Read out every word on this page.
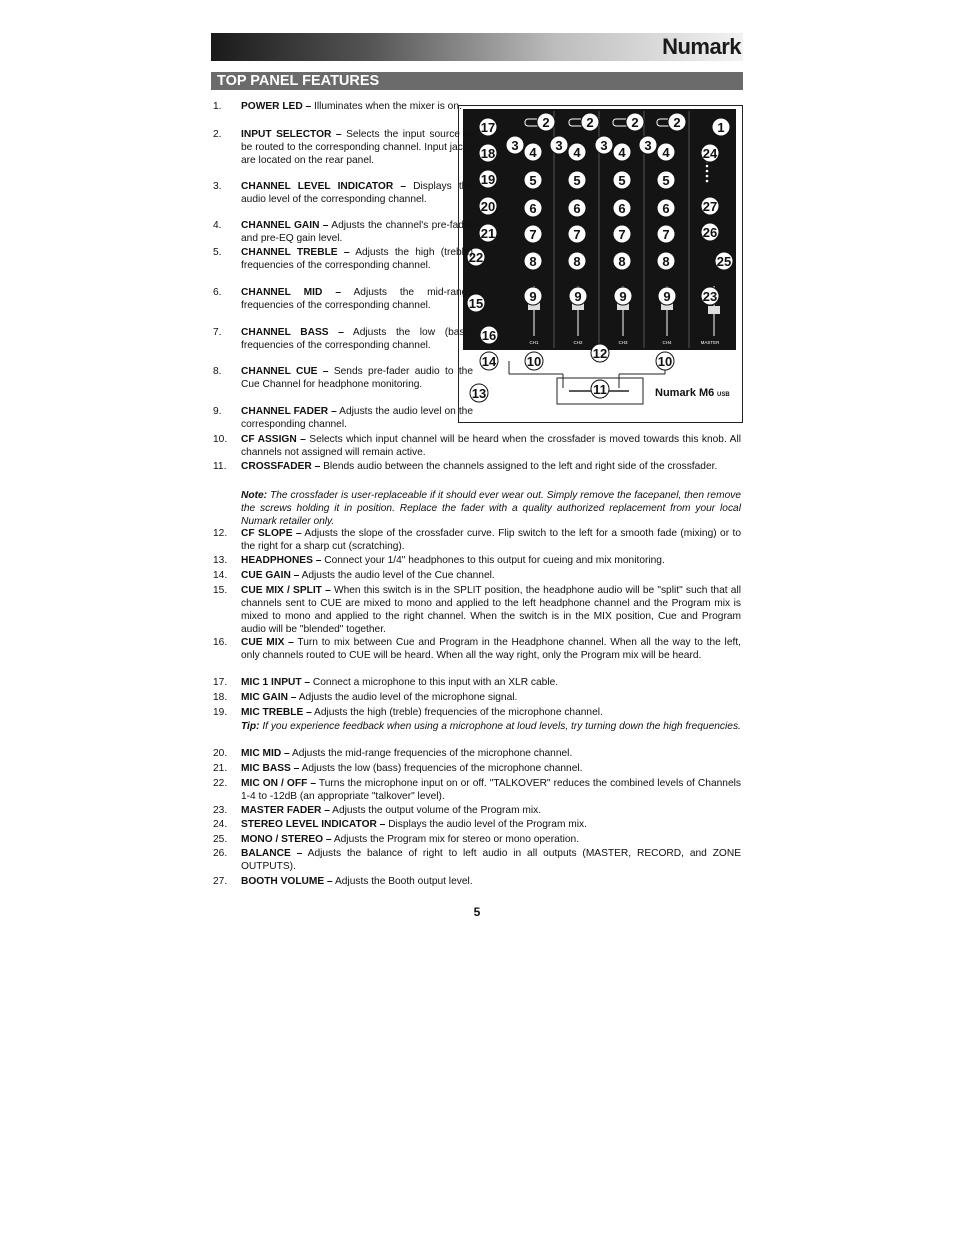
Numark
TOP PANEL FEATURES
Numark M6 USB
CH1	CH2	CH3	CH4	MASTER
1
2
3 4
5
6
7
8
9
10
11
12
13
14
15
16
17
18
19
20
21
22
23
24
25
26
27
2	2	2
3	3	3
4	4	4
5	5	5
6	6	6
7	7	7
8	8	8
9	9	9
10
1.	POWER LED – Illuminates when the mixer is on.
2.	INPUT SELECTOR – Selects the input source to be routed to the corresponding channel. Input jacks are located on the rear panel.
3.	CHANNEL LEVEL INDICATOR – Displays the audio level of the corresponding channel.
4.	CHANNEL GAIN – Adjusts the channel's pre-fader and pre-EQ gain level.
5.	CHANNEL TREBLE – Adjusts the high (treble) frequencies of the corresponding channel.
6.	CHANNEL MID – Adjusts the mid-range frequencies of the corresponding channel.
7.	CHANNEL BASS – Adjusts the low (bass) frequencies of the corresponding channel.
8.	CHANNEL CUE – Sends pre-fader audio to the Cue Channel for headphone monitoring.
9.	CHANNEL FADER – Adjusts the audio level on the corresponding channel.
10.	CF ASSIGN – Selects which input channel will be heard when the crossfader is moved towards this knob. All channels not assigned will remain active.
11.	CROSSFADER – Blends audio between the channels assigned to the left and right side of the crossfader.
12.	CF SLOPE – Adjusts the slope of the crossfader curve. Flip switch to the left for a smooth fade (mixing) or to the right for a sharp cut (scratching).
13.	HEADPHONES – Connect your 1/4" headphones to this output for cueing and mix monitoring.
14.	CUE GAIN – Adjusts the audio level of the Cue channel.
15.	CUE MIX / SPLIT – When this switch is in the SPLIT position, the headphone audio will be "split" such that all channels sent to CUE are mixed to mono and applied to the left headphone channel and the Program mix is mixed to mono and applied to the right channel. When the switch is in the MIX position, Cue and Program audio will be "blended" together.
16.	CUE MIX – Turn to mix between Cue and Program in the Headphone channel. When all the way to the left, only channels routed to CUE will be heard. When all the way right, only the Program mix will be heard.
17.	MIC 1 INPUT – Connect a microphone to this input with an XLR cable.
18.	MIC GAIN – Adjusts the audio level of the microphone signal.
19.	MIC TREBLE – Adjusts the high (treble) frequencies of the microphone channel.
20.	MIC MID – Adjusts the mid-range frequencies of the microphone channel.
21.	MIC BASS – Adjusts the low (bass) frequencies of the microphone channel.
22.	MIC ON / OFF – Turns the microphone input on or off. "TALKOVER" reduces the combined levels of Channels 1-4 to -12dB (an appropriate "talkover" level).
23.	MASTER FADER – Adjusts the output volume of the Program mix.
24.	STEREO LEVEL INDICATOR – Displays the audio level of the Program mix.
25.	MONO / STEREO – Adjusts the Program mix for stereo or mono operation.
26.	BALANCE – Adjusts the balance of right to left audio in all outputs (MASTER, RECORD, and ZONE OUTPUTS).
27.	BOOTH VOLUME – Adjusts the Booth output level.
Note: The crossfader is user-replaceable if it should ever wear out. Simply remove the facepanel, then remove the screws holding it in position. Replace the fader with a quality authorized replacement from your local Numark retailer only.
Tip: If you experience feedback when using a microphone at loud levels, try turning down the high frequencies.
5
